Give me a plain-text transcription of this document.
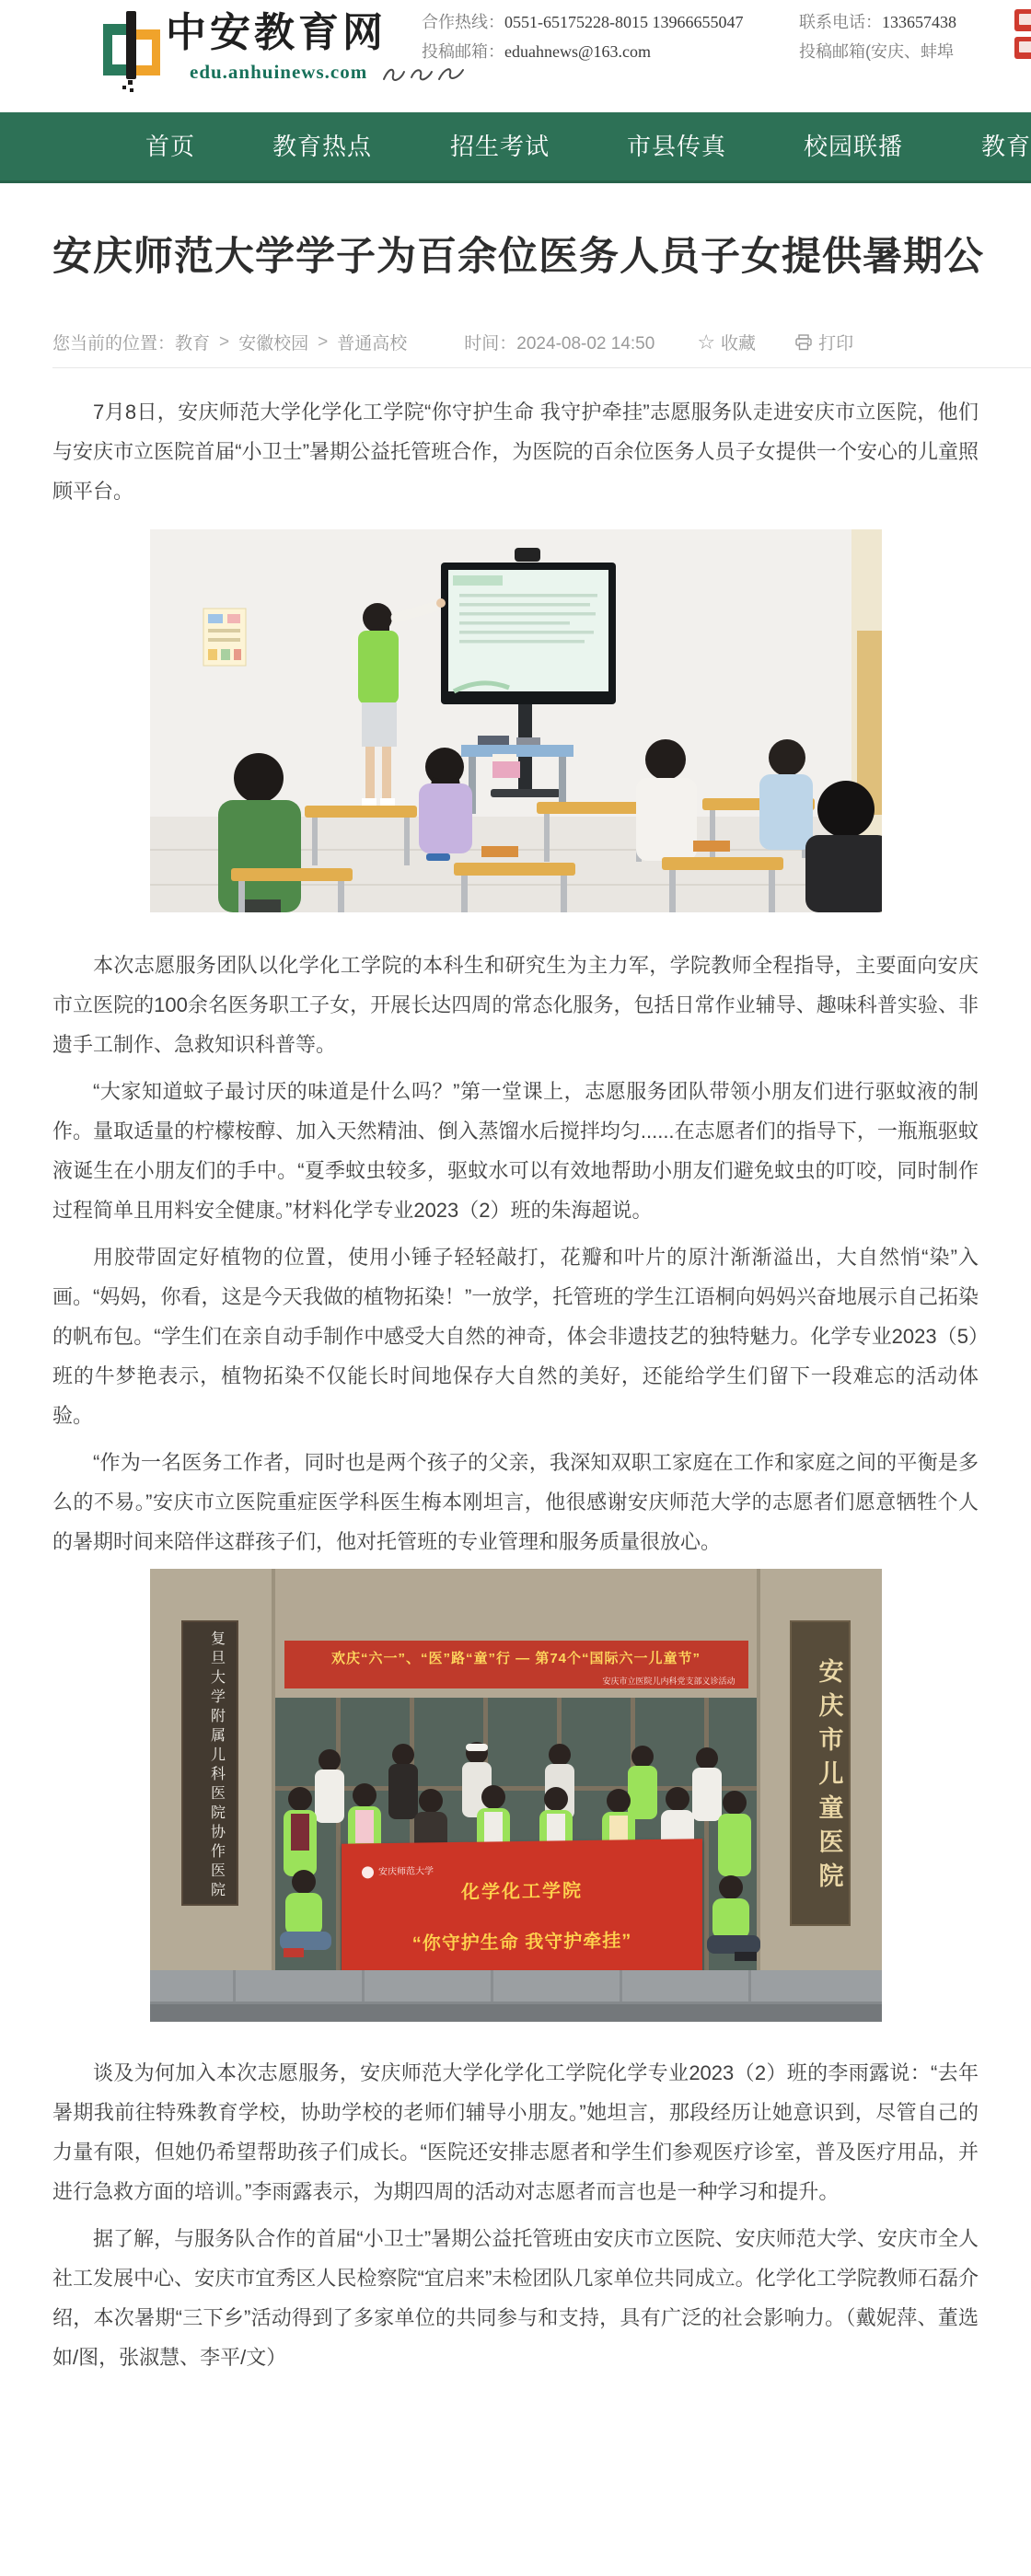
中安教育网
edu.anhuinews.com
合作热线：0551-65175228-8015 13966655047
投稿邮箱：eduahnews@163.com
联系电话：133657438
投稿邮箱(安庆、蚌埠
首页	教育热点	招生考试	市县传真	校园联播	教育
安庆师范大学学子为百余位医务人员子女提供暑期公
您当前的位置： 教育 > 安徽校园 > 普通高校	时间：2024-08-02 14:50 ☆ 收藏	打印

7月8日，安庆师范大学化学化工学院“你守护生命 我守护牵挂”志愿服务队走进安庆市立医院，他们与安庆市立医院首届“小卫士”暑期公益托管班合作，为医院的百余位医务人员子女提供一个安心的儿童照顾平台。

本次志愿服务团队以化学化工学院的本科生和研究生为主力军，学院教师全程指导，主要面向安庆市立医院的100余名医务职工子女，开展长达四周的常态化服务，包括日常作业辅导、趣味科普实验、非遗手工制作、急救知识科普等。

“大家知道蚊子最讨厌的味道是什么吗？”第一堂课上，志愿服务团队带领小朋友们进行驱蚊液的制作。量取适量的柠檬桉醇、加入天然精油、倒入蒸馏水后搅拌均匀......在志愿者们的指导下，一瓶瓶驱蚊液诞生在小朋友们的手中。“夏季蚊虫较多，驱蚊水可以有效地帮助小朋友们避免蚊虫的叮咬，同时制作过程简单且用料安全健康。”材料化学专业2023（2）班的朱海超说。

用胶带固定好植物的位置，使用小锤子轻轻敲打，花瓣和叶片的原汁渐渐溢出，大自然悄“染”入画。“妈妈，你看，这是今天我做的植物拓染！”一放学，托管班的学生江语桐向妈妈兴奋地展示自己拓染的帆布包。“学生们在亲自动手制作中感受大自然的神奇，体会非遗技艺的独特魅力。化学专业2023（5）班的牛梦艳表示，植物拓染不仅能长时间地保存大自然的美好，还能给学生们留下一段难忘的活动体验。

“作为一名医务工作者，同时也是两个孩子的父亲，我深知双职工家庭在工作和家庭之间的平衡是多么的不易。”安庆市立医院重症医学科医生梅本刚坦言，他很感谢安庆师范大学的志愿者们愿意牺牲个人的暑期时间来陪伴这群孩子们，他对托管班的专业管理和服务质量很放心。

复旦大学附属儿科医院协作医院	安庆市儿童医院
欢庆“六一”、“医”路“童”行 — 第74个“国际六一儿童节”
安庆市立医院儿内科党支部义诊活动
安庆师范大学
化学化工学院
“你守护生命 我守护牵挂”

谈及为何加入本次志愿服务，安庆师范大学化学化工学院化学专业2023（2）班的李雨露说：“去年暑期我前往特殊教育学校，协助学校的老师们辅导小朋友。”她坦言，那段经历让她意识到，尽管自己的力量有限，但她仍希望帮助孩子们成长。“医院还安排志愿者和学生们参观医疗诊室，普及医疗用品，并进行急救方面的培训。”李雨露表示，为期四周的活动对志愿者而言也是一种学习和提升。

据了解，与服务队合作的首届“小卫士”暑期公益托管班由安庆市立医院、安庆师范大学、安庆市全人社工发展中心、安庆市宜秀区人民检察院“宜启来”未检团队几家单位共同成立。化学化工学院教师石磊介绍，本次暑期“三下乡”活动得到了多家单位的共同参与和支持，具有广泛的社会影响力。（戴妮萍、董选如/图，张淑慧、李平/文）
